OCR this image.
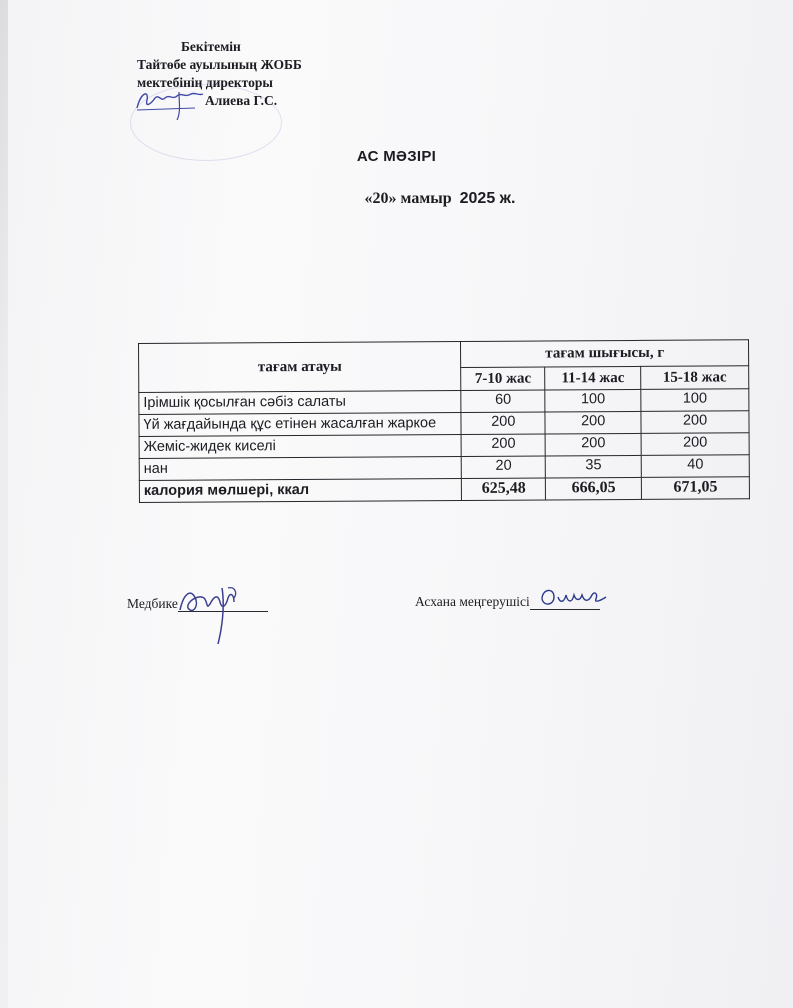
Бекітемін
Тайтөбе ауылының ЖОББ
мектебінің директоры
Алиева Г.С.
АС МӘЗІРІ
«20» мамыр 2025 ж.
тағам атауы	тағам шығысы, г		
	7-10 жас	11-14 жас	15-18 жас
Ірімшік қосылған сәбіз салаты	60	100	100
Үй жағдайында құс етінен жасалған жаркое	200	200	200
Жеміс-жидек киселі	200	200	200
нан	20	35	40
калория мөлшері, ккал	625,48	666,05	671,05
Медбике	Асхана меңгерушісі
